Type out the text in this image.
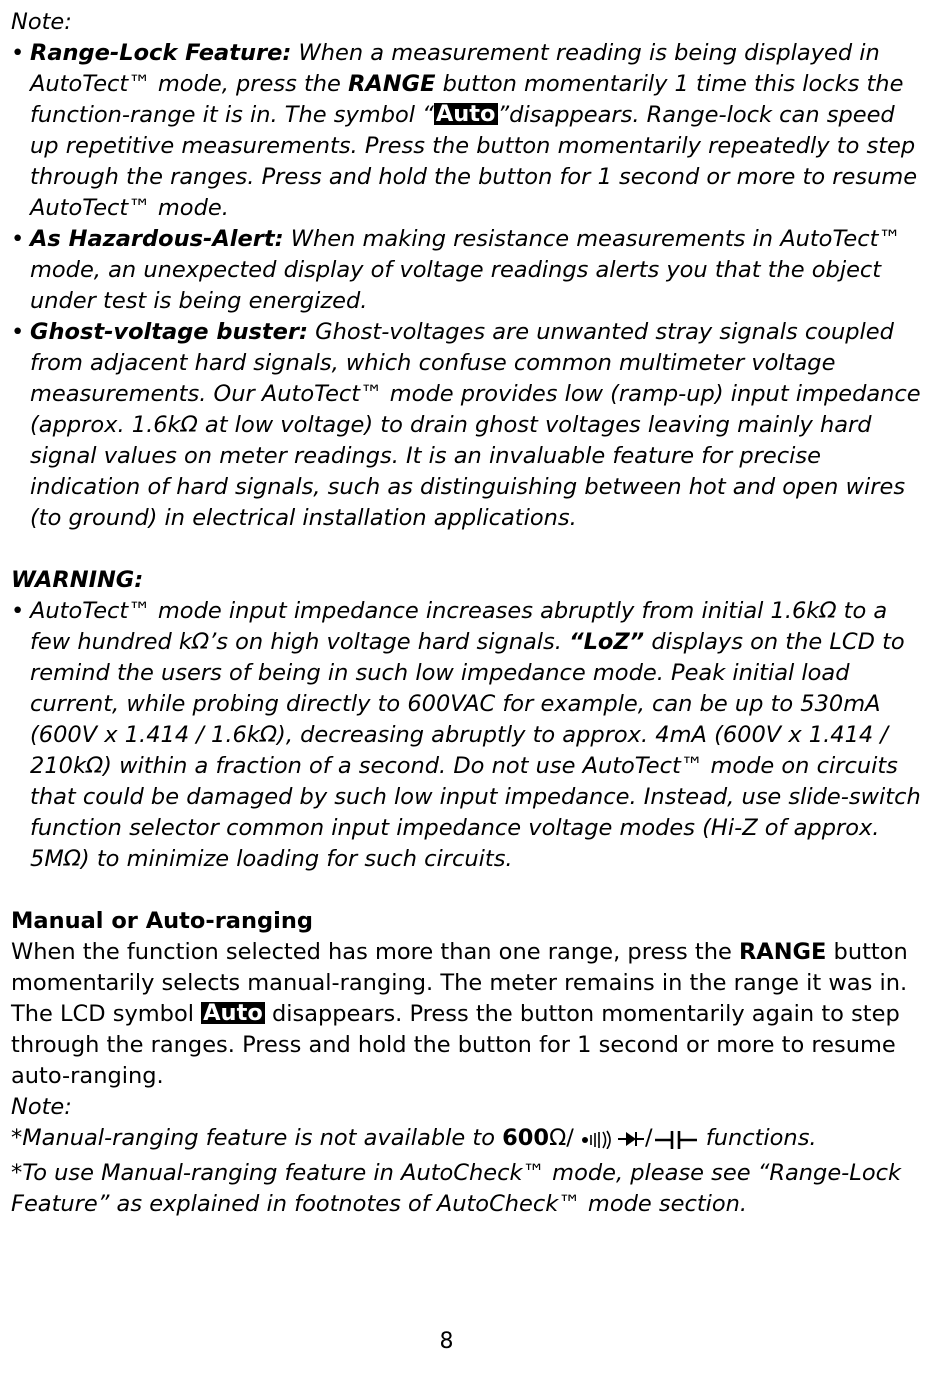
Note:

• Range-Lock Feature: When a measurement reading is being displayed in AutoTect™ mode, press the RANGE button momentarily 1 time this locks the function-range it is in. The symbol “Auto”disappears. Range-lock can speed up repetitive measurements. Press the button momentarily repeatedly to step through the ranges. Press and hold the button for 1 second or more to resume AutoTect™ mode.

• As Hazardous-Alert: When making resistance measurements in AutoTect™ mode, an unexpected display of voltage readings alerts you that the object under test is being energized.

• Ghost-voltage buster: Ghost-voltages are unwanted stray signals coupled from adjacent hard signals, which confuse common multimeter voltage measurements. Our AutoTect™ mode provides low (ramp-up) input impedance (approx. 1.6kΩ at low voltage) to drain ghost voltages leaving mainly hard signal values on meter readings. It is an invaluable feature for precise indication of hard signals, such as distinguishing between hot and open wires (to ground) in electrical installation applications.

WARNING:

• AutoTect™ mode input impedance increases abruptly from initial 1.6kΩ to a few hundred kΩ’s on high voltage hard signals. “LoZ” displays on the LCD to remind the users of being in such low impedance mode. Peak initial load current, while probing directly to 600VAC for example, can be up to 530mA (600V x 1.414 / 1.6kΩ), decreasing abruptly to approx. 4mA (600V x 1.414 / 210kΩ) within a fraction of a second. Do not use AutoTect™ mode on circuits that could be damaged by such low input impedance. Instead, use slide-switch function selector common input impedance voltage modes (Hi-Z of approx. 5MΩ) to minimize loading for such circuits.

Manual or Auto-ranging

When the function selected has more than one range, press the RANGE button momentarily selects manual-ranging. The meter remains in the range it was in. The LCD symbol Auto disappears. Press the button momentarily again to step through the ranges. Press and hold the button for 1 second or more to resume auto-ranging.

Note:

*Manual-ranging feature is not available to 600Ω/	/ functions.

*To use Manual-ranging feature in AutoCheck™ mode, please see “Range-Lock Feature” as explained in footnotes of AutoCheck™ mode section.

8
